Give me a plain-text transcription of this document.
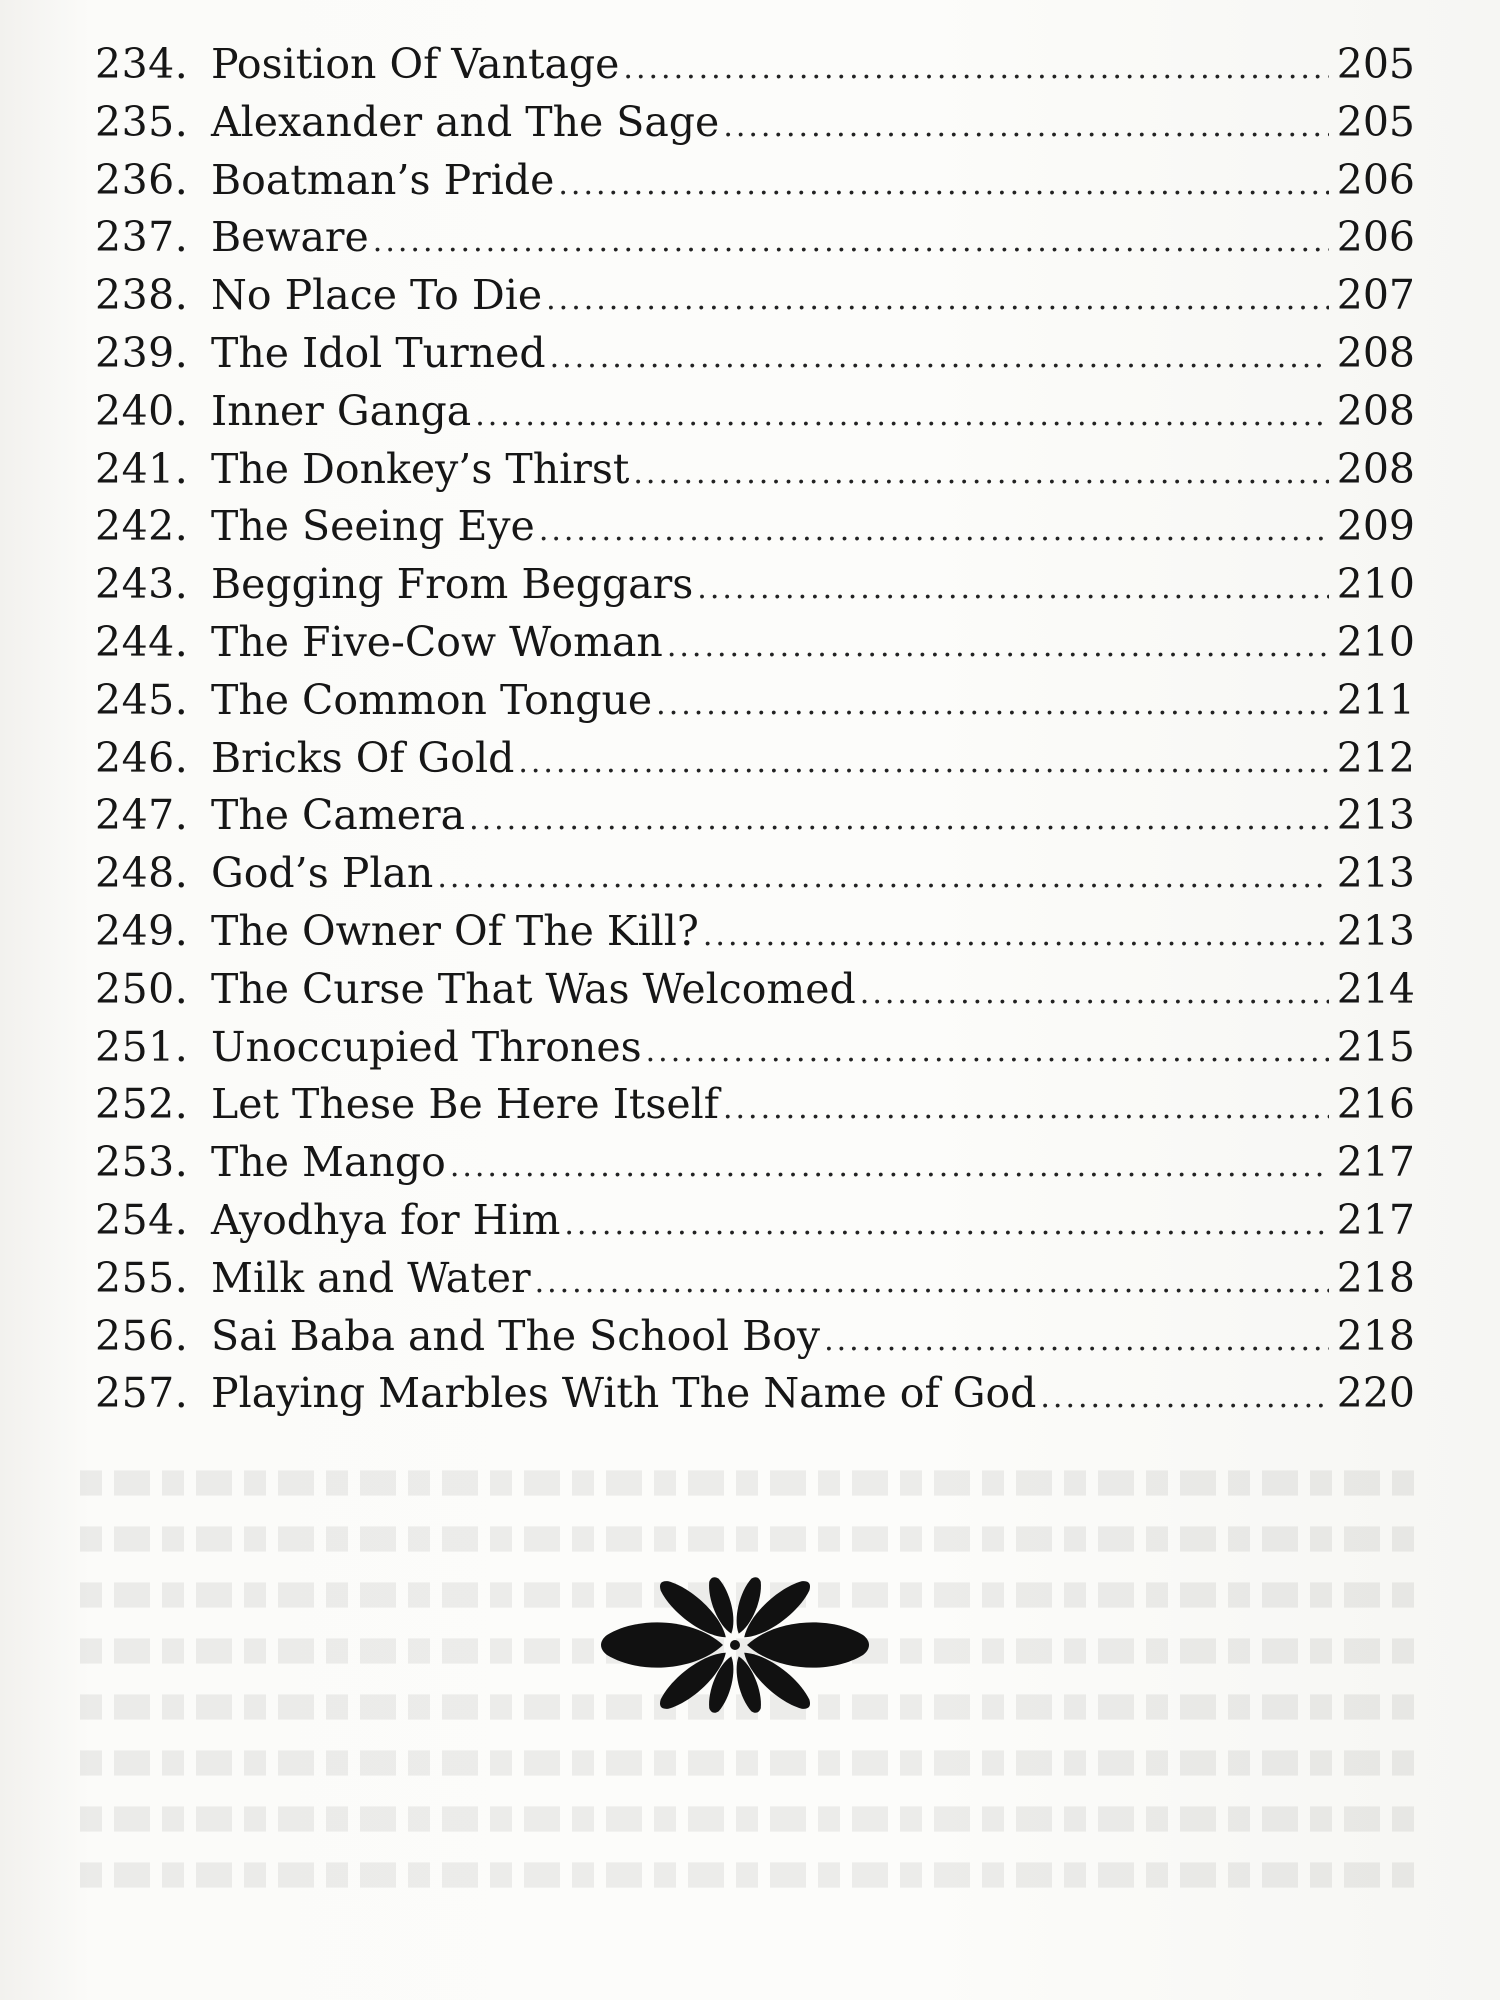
234. Position Of Vantage .....	205
235. Alexander and The Sage .....	205
236. Boatman’s Pride .....	206
237. Beware .....	206
238. No Place To Die .....	207
239. The Idol Turned .....	208
240. Inner Ganga .....	208
241. The Donkey’s Thirst .....	208
242. The Seeing Eye .....	209
243. Begging From Beggars .....	210
244. The Five-Cow Woman .....	210
245. The Common Tongue .....	211
246. Bricks Of Gold .....	212
247. The Camera .....	213
248. God’s Plan .....	213
249. The Owner Of The Kill? .....	213
250. The Curse That Was Welcomed .....	214
251. Unoccupied Thrones .....	215
252. Let These Be Here Itself .....	216
253. The Mango .....	217
254. Ayodhya for Him .....	217
255. Milk and Water .....	218
256. Sai Baba and The School Boy .....	218
257. Playing Marbles With The Name of God .....	220
